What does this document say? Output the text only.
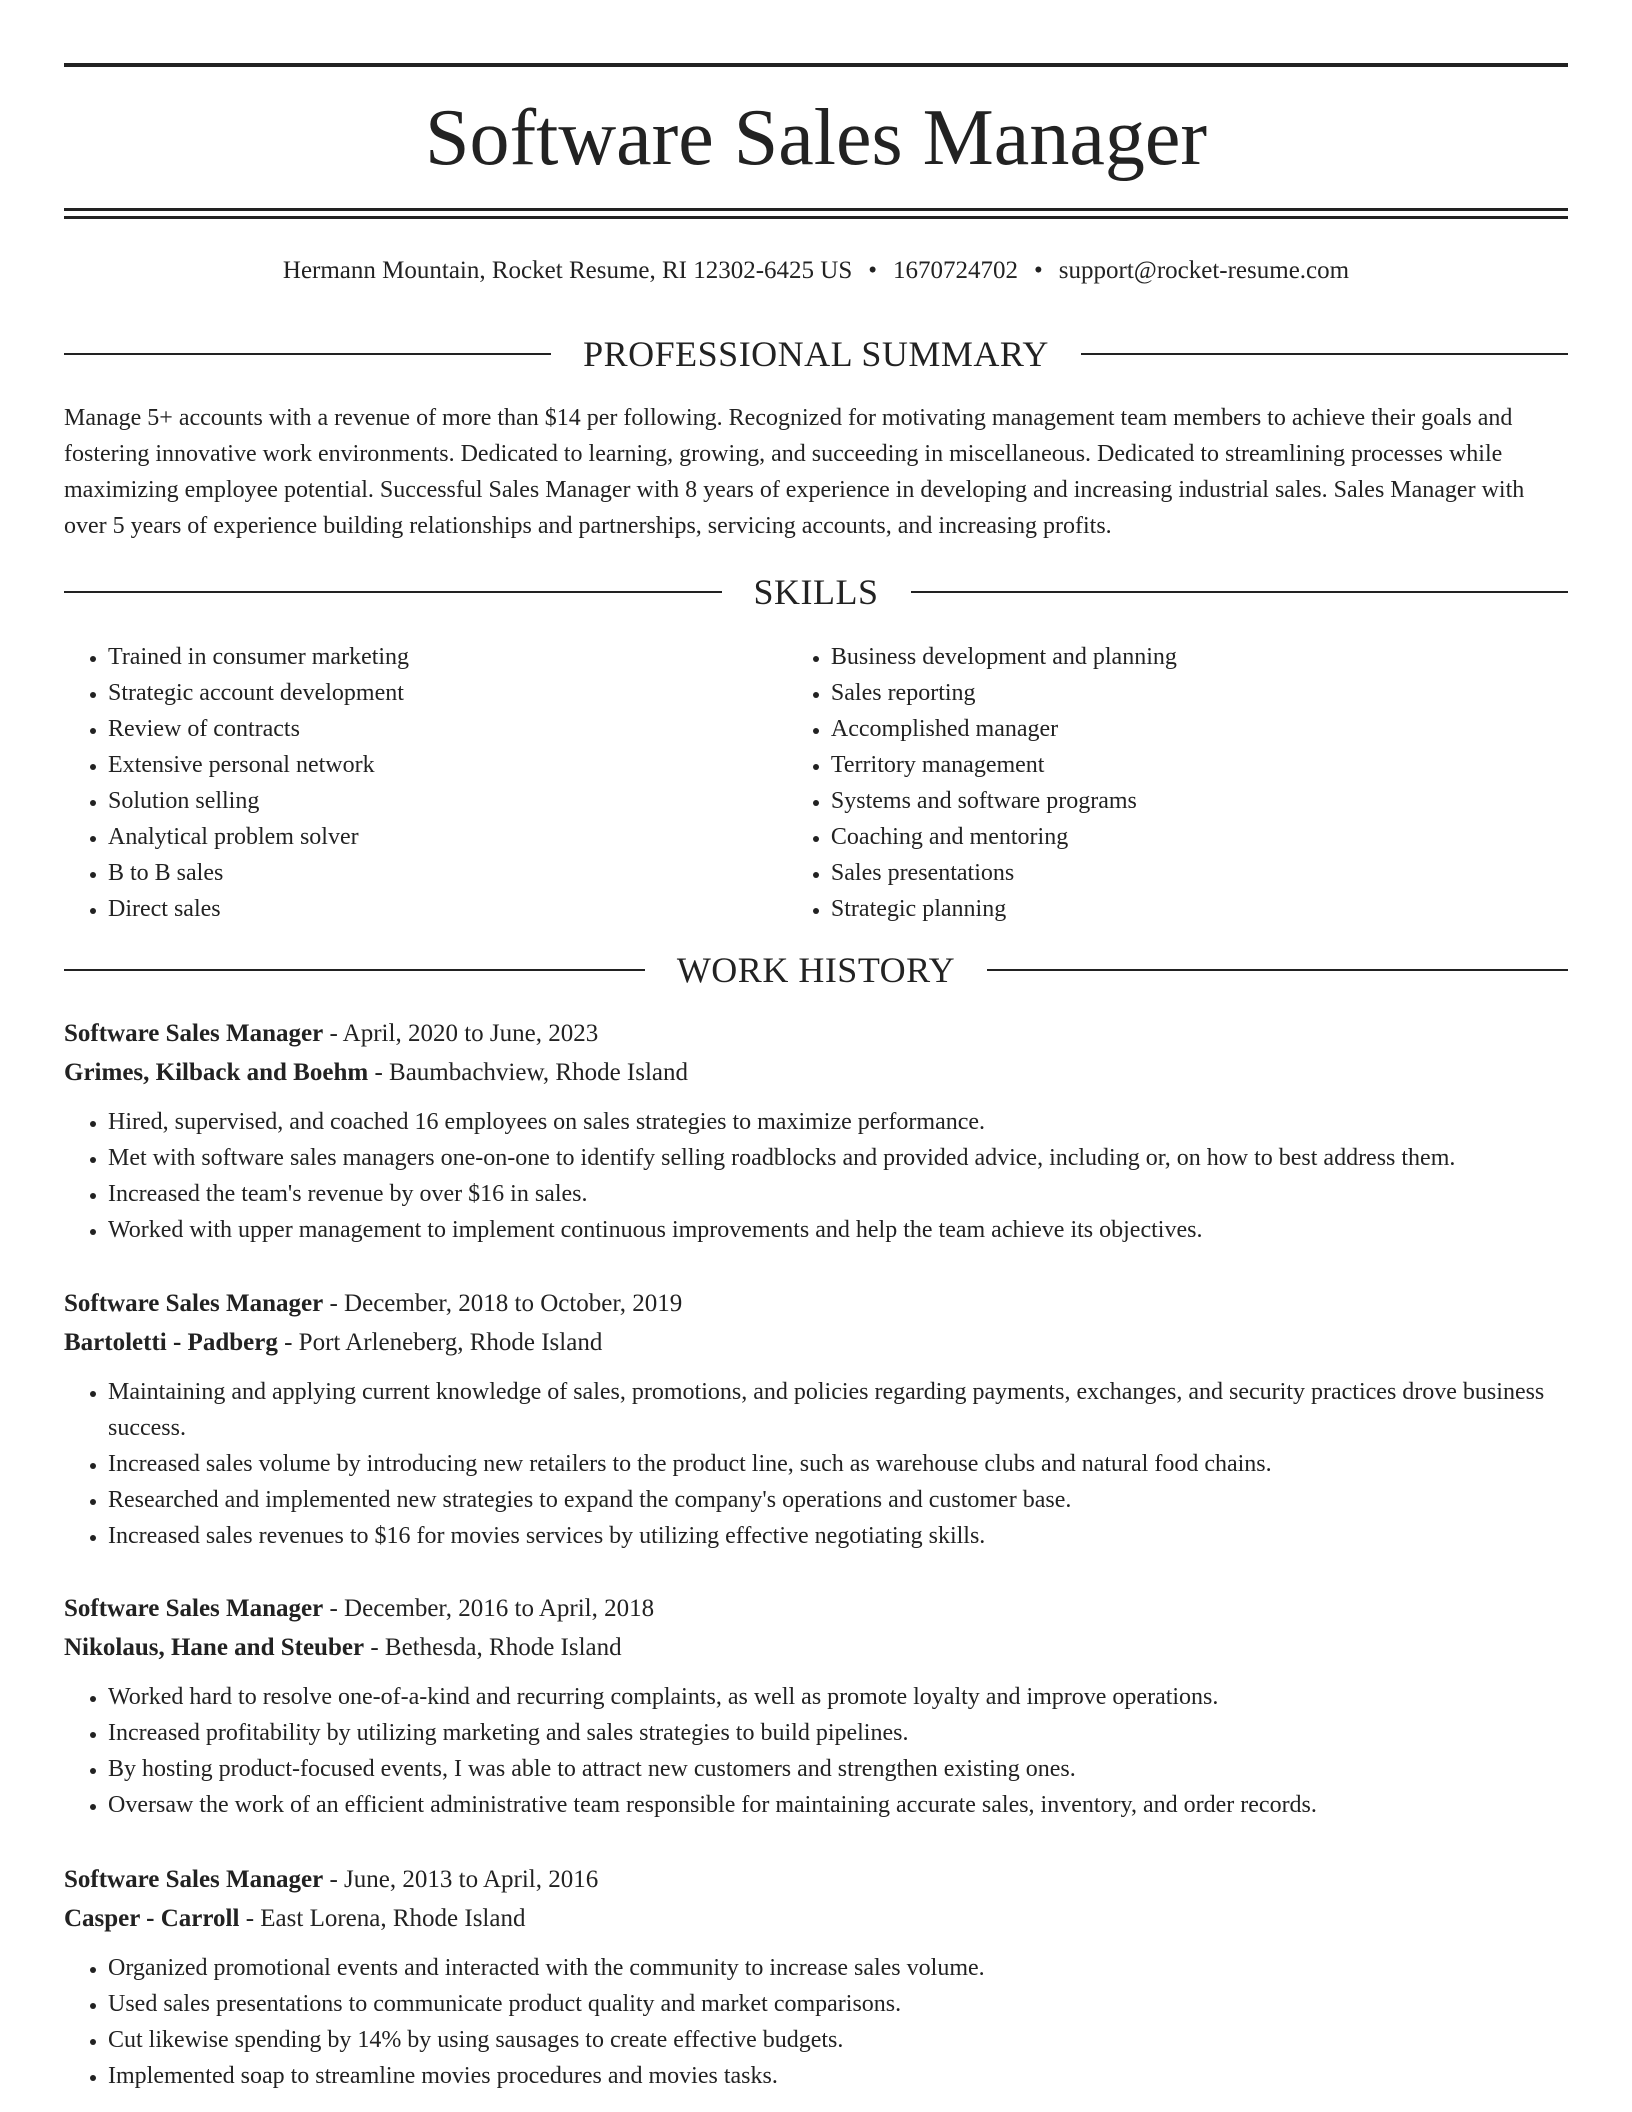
Software Sales Manager
Hermann Mountain, Rocket Resume, RI 12302-6425 US • 1670724702 • support@rocket-resume.com
PROFESSIONAL SUMMARY

Manage 5+ accounts with a revenue of more than $14 per following. Recognized for motivating management team members to achieve their goals and fostering innovative work environments. Dedicated to learning, growing, and succeeding in miscellaneous. Dedicated to streamlining processes while maximizing employee potential. Successful Sales Manager with 8 years of experience in developing and increasing industrial sales. Sales Manager with over 5 years of experience building relationships and partnerships, servicing accounts, and increasing profits.

SKILLS
• Trained in consumer marketing
• Strategic account development
• Review of contracts
• Extensive personal network
• Solution selling
• Analytical problem solver
• B to B sales
• Direct sales
• Business development and planning
• Sales reporting
• Accomplished manager
• Territory management
• Systems and software programs
• Coaching and mentoring
• Sales presentations
• Strategic planning
WORK HISTORY
Software Sales Manager - April, 2020 to June, 2023
Grimes, Kilback and Boehm - Baumbachview, Rhode Island
• Hired, supervised, and coached 16 employees on sales strategies to maximize performance.
• Met with software sales managers one-on-one to identify selling roadblocks and provided advice, including or, on how to best address them.
• Increased the team's revenue by over $16 in sales.
• Worked with upper management to implement continuous improvements and help the team achieve its objectives.
Software Sales Manager - December, 2018 to October, 2019
Bartoletti - Padberg - Port Arleneberg, Rhode Island
• Maintaining and applying current knowledge of sales, promotions, and policies regarding payments, exchanges, and security practices drove business success.
• Increased sales volume by introducing new retailers to the product line, such as warehouse clubs and natural food chains.
• Researched and implemented new strategies to expand the company's operations and customer base.
• Increased sales revenues to $16 for movies services by utilizing effective negotiating skills.
Software Sales Manager - December, 2016 to April, 2018
Nikolaus, Hane and Steuber - Bethesda, Rhode Island
• Worked hard to resolve one-of-a-kind and recurring complaints, as well as promote loyalty and improve operations.
• Increased profitability by utilizing marketing and sales strategies to build pipelines.
• By hosting product-focused events, I was able to attract new customers and strengthen existing ones.
• Oversaw the work of an efficient administrative team responsible for maintaining accurate sales, inventory, and order records.
Software Sales Manager - June, 2013 to April, 2016
Casper - Carroll - East Lorena, Rhode Island
• Organized promotional events and interacted with the community to increase sales volume.
• Used sales presentations to communicate product quality and market comparisons.
• Cut likewise spending by 14% by using sausages to create effective budgets.
• Implemented soap to streamline movies procedures and movies tasks.
